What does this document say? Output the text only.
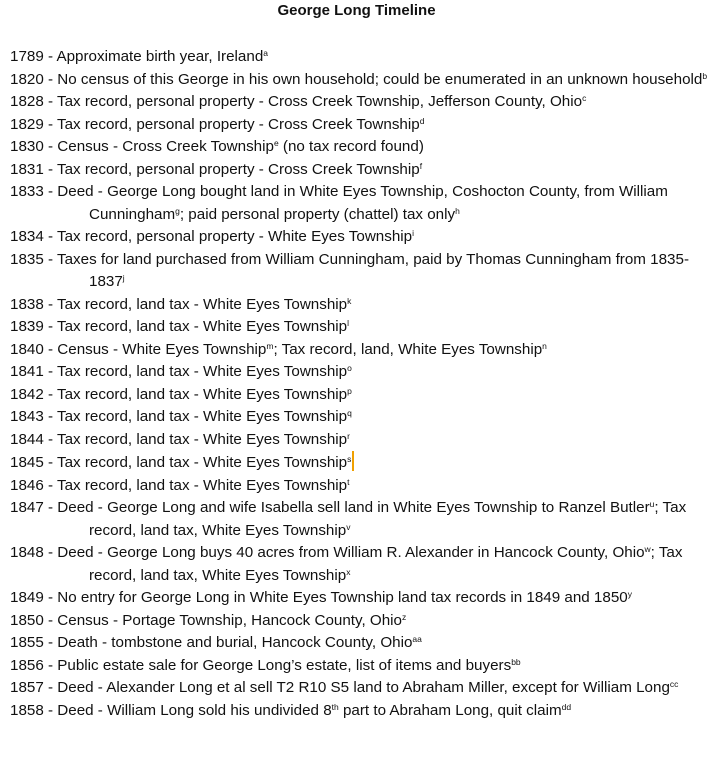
George Long Timeline

1789 - Approximate birth year, Ireland$^a$

1820 - No census of this George in his own household; could be enumerated in an unknown household$^b$

1828 - Tax record, personal property - Cross Creek Township, Jefferson County, Ohio$^c$

1829 - Tax record, personal property - Cross Creek Township$^d$

1830 - Census - Cross Creek Township$^e$ (no tax record found)

1831 - Tax record, personal property - Cross Creek Township$^f$

1833 - Deed - George Long bought land in White Eyes Township, Coshocton County, from William Cunningham$^g$; paid personal property (chattel) tax only$^h$

1834 - Tax record, personal property - White Eyes Township$^i$

1835 - Taxes for land purchased from William Cunningham, paid by Thomas Cunningham from 1835-1837$^j$

1838 - Tax record, land tax - White Eyes Township$^k$

1839 - Tax record, land tax - White Eyes Township$^l$

1840 - Census - White Eyes Township$^m$; Tax record, land, White Eyes Township$^n$

1841 - Tax record, land tax - White Eyes Township$^o$

1842 - Tax record, land tax - White Eyes Township$^p$

1843 - Tax record, land tax - White Eyes Township$^q$

1844 - Tax record, land tax - White Eyes Township$^r$

1845 - Tax record, land tax - White Eyes Township$^s$

1846 - Tax record, land tax - White Eyes Township$^t$

1847 - Deed - George Long and wife Isabella sell land in White Eyes Township to Ranzel Butler$^u$; Tax record, land tax, White Eyes Township$^v$

1848 - Deed - George Long buys 40 acres from William R. Alexander in Hancock County, Ohio$^w$; Tax record, land tax, White Eyes Township$^x$

1849 - No entry for George Long in White Eyes Township land tax records in 1849 and 1850$^y$

1850 - Census - Portage Township, Hancock County, Ohio$^z$

1855 - Death - tombstone and burial, Hancock County, Ohio$^{aa}$

1856 - Public estate sale for George Long’s estate, list of items and buyers$^{bb}$

1857 - Deed - Alexander Long et al sell T2 R10 S5 land to Abraham Miller, except for William Long$^{cc}$

1858 - Deed - William Long sold his undivided 8th part to Abraham Long, quit claim$^{dd}$
